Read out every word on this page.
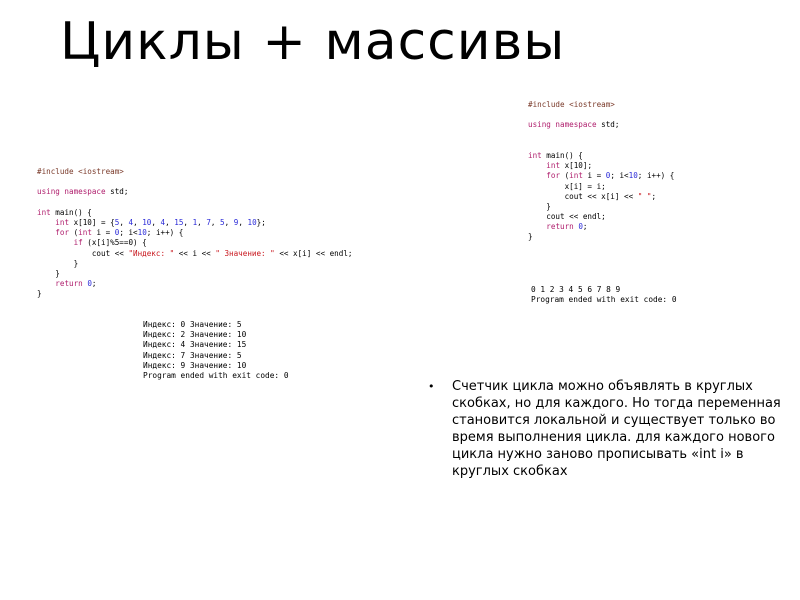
Циклы + массивы
#include <iostream>
using namespace std;
int main() {
int x[10] = {5, 4, 10, 4, 15, 1, 7, 5, 9, 10};
for (int i = 0; i<10; i++) {
if (x[i]%5==0) {
cout << "Индекс: " << i << " Значение: " << x[i] << endl;
}
}
return 0;
}
Индекс: 0 Значение: 5
Индекс: 2 Значение: 10
Индекс: 4 Значение: 15
Индекс: 7 Значение: 5
Индекс: 9 Значение: 10
Program ended with exit code: 0
#include <iostream>
using namespace std;
int main() {
int x[10];
for (int i = 0; i<10; i++) {
x[i] = i;
cout << x[i] << " ";
}
cout << endl;
return 0;
}
0 1 2 3 4 5 6 7 8 9
Program ended with exit code: 0
• Счетчик цикла можно объявлять в круглых скобках, но для каждого. Но тогда переменная становится локальной и существует только во время выполнения цикла. для каждого нового цикла нужно заново прописывать «int i» в круглых скобках
